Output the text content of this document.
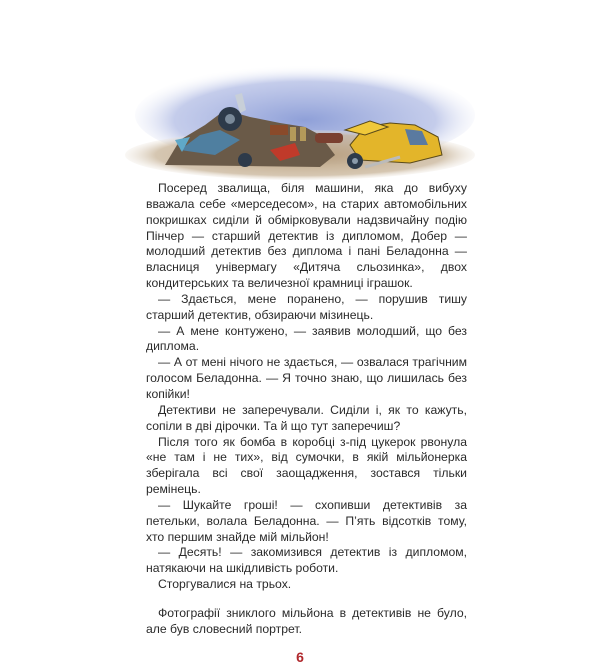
Посеред звалища, біля машини, яка до вибуху вважала себе «мерседесом», на старих автомобільних покришках сиділи й обмірковували надзвичайну подію Пінчер — старший детектив із дипломом, Добер — молодший детектив без диплома і пані Беладонна — власниця універмагу «Дитяча сльозинка», двох кондитерських та величезної крамниці іграшок.

— Здається, мене поранено, — порушив тишу старший детектив, обзираючи мізинець.

— А мене контужено, — заявив молодший, що без диплома.

— А от мені нічого не здається, — озвалася трагічним голосом Беладонна. — Я точно знаю, що лишилась без копійки!

Детективи не заперечували. Сиділи і, як то кажуть, сопіли в дві дірочки. Та й що тут заперечиш?

Після того як бомба в коробці з-під цукерок рвонула «не там і не тих», від сумочки, в якій мільйонерка зберігала всі свої заощадження, зостався тільки ремінець.

— Шукайте гроші! — схопивши детективів за петельки, волала Беладонна. — П’ять відсотків тому, хто першим знайде мій мільйон!

— Десять! — закомизився детектив із дипломом, натякаючи на шкідливість роботи.

Сторгувалися на трьох.

Фотографії зниклого мільйона в детективів не було, але був словесний портрет.

6
